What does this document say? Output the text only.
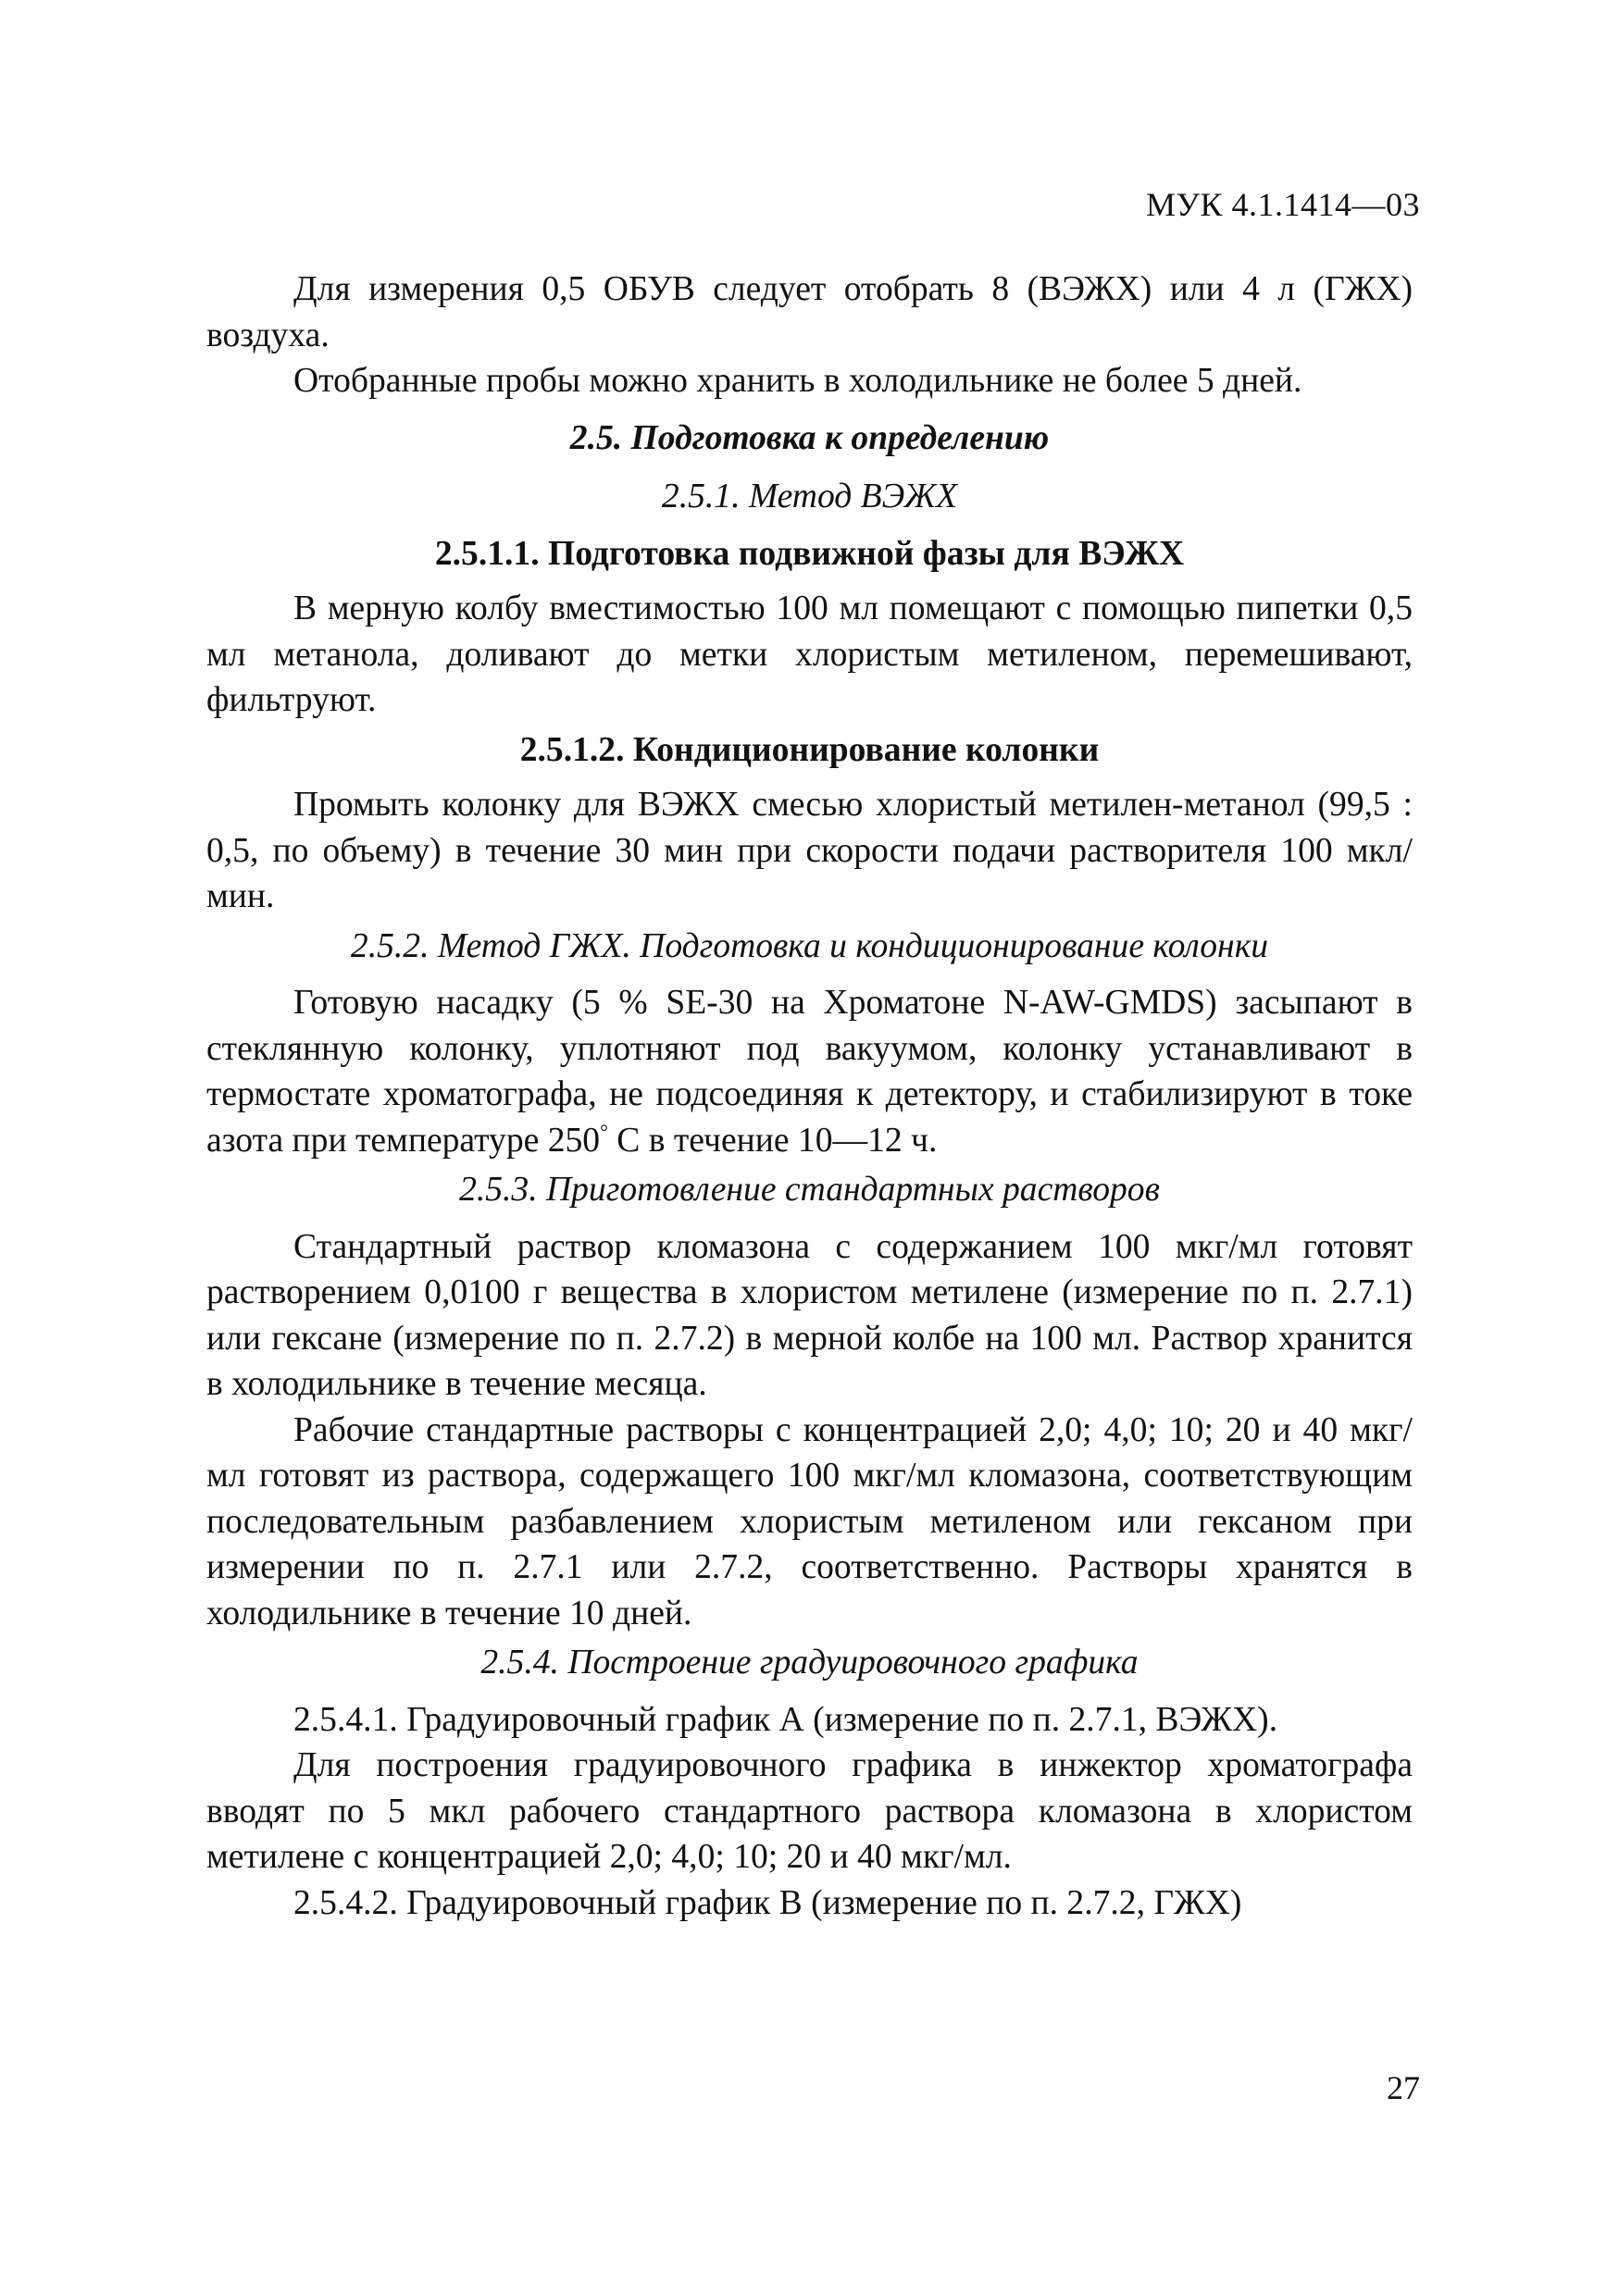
МУК 4.1.1414—03

Для измерения 0,5 ОБУВ следует отобрать 8 (ВЭЖХ) или 4 л (ГЖХ) воздуха.

Отобранные пробы можно хранить в холодильнике не более 5 дней.

2.5. Подготовка к определению

2.5.1. Метод ВЭЖХ

2.5.1.1. Подготовка подвижной фазы для ВЭЖХ

В мерную колбу вместимостью 100 мл помещают с помощью пипетки 0,5 мл метанола, доливают до метки хлористым метиленом, перемешивают, фильтруют.

2.5.1.2. Кондиционирование колонки

Промыть колонку для ВЭЖХ смесью хлористый метилен-метанол (99,5 : 0,5, по объему) в течение 30 мин при скорости подачи растворителя 100 мкл/мин.

2.5.2. Метод ГЖХ. Подготовка и кондиционирование колонки

Готовую насадку (5 % SE-30 на Хроматоне N-AW-GMDS) засыпают в стеклянную колонку, уплотняют под вакуумом, колонку устанавливают в термостате хроматографа, не подсоединяя к детектору, и стабилизируют в токе азота при температуре 250° С в течение 10—12 ч.

2.5.3. Приготовление стандартных растворов

Стандартный раствор кломазона с содержанием 100 мкг/мл готовят растворением 0,0100 г вещества в хлористом метилене (измерение по п. 2.7.1) или гексане (измерение по п. 2.7.2) в мерной колбе на 100 мл. Раствор хранится в холодильнике в течение месяца.

Рабочие стандартные растворы с концентрацией 2,0; 4,0; 10; 20 и 40 мкг/мл готовят из раствора, содержащего 100 мкг/мл кломазона, соответствующим последовательным разбавлением хлористым метиленом или гексаном при измерении по п. 2.7.1 или 2.7.2, соответственно. Растворы хранятся в холодильнике в течение 10 дней.

2.5.4. Построение градуировочного графика

2.5.4.1. Градуировочный график А (измерение по п. 2.7.1, ВЭЖХ).

Для построения градуировочного графика в инжектор хроматографа вводят по 5 мкл рабочего стандартного раствора кломазона в хлористом метилене с концентрацией 2,0; 4,0; 10; 20 и 40 мкг/мл.

2.5.4.2. Градуировочный график В (измерение по п. 2.7.2, ГЖХ)

27
